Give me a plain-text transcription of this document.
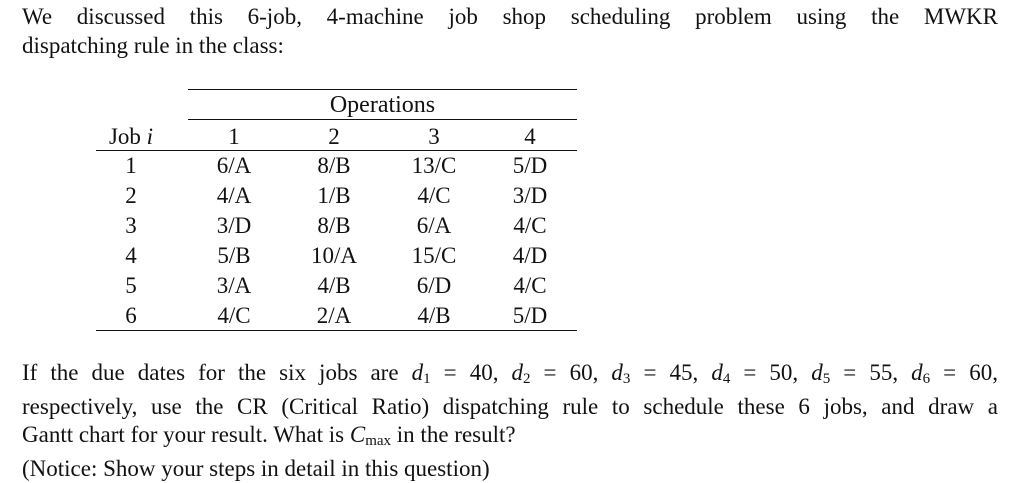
We discussed this 6-job, 4-machine job shop scheduling problem using the MWKR
dispatching rule in the class:
Operations
Job i	1	2	3	4
1	6/A	8/B	13/C	5/D
2	4/A	1/B	4/C	3/D
3	3/D	8/B	6/A	4/C
4	5/B	10/A	15/C	4/D
5	3/A	4/B	6/D	4/C
6	4/C	2/A	4/B	5/D
If the due dates for the six jobs are $d_1 = 40$, $d_2 = 60$, $d_3 = 45$, $d_4 = 50$, $d_5 = 55$, $d_6 = 60$,
respectively, use the CR (Critical Ratio) dispatching rule to schedule these 6 jobs, and draw a
Gantt chart for your result. What is $C_{max}$ in the result?
(Notice: Show your steps in detail in this question)
